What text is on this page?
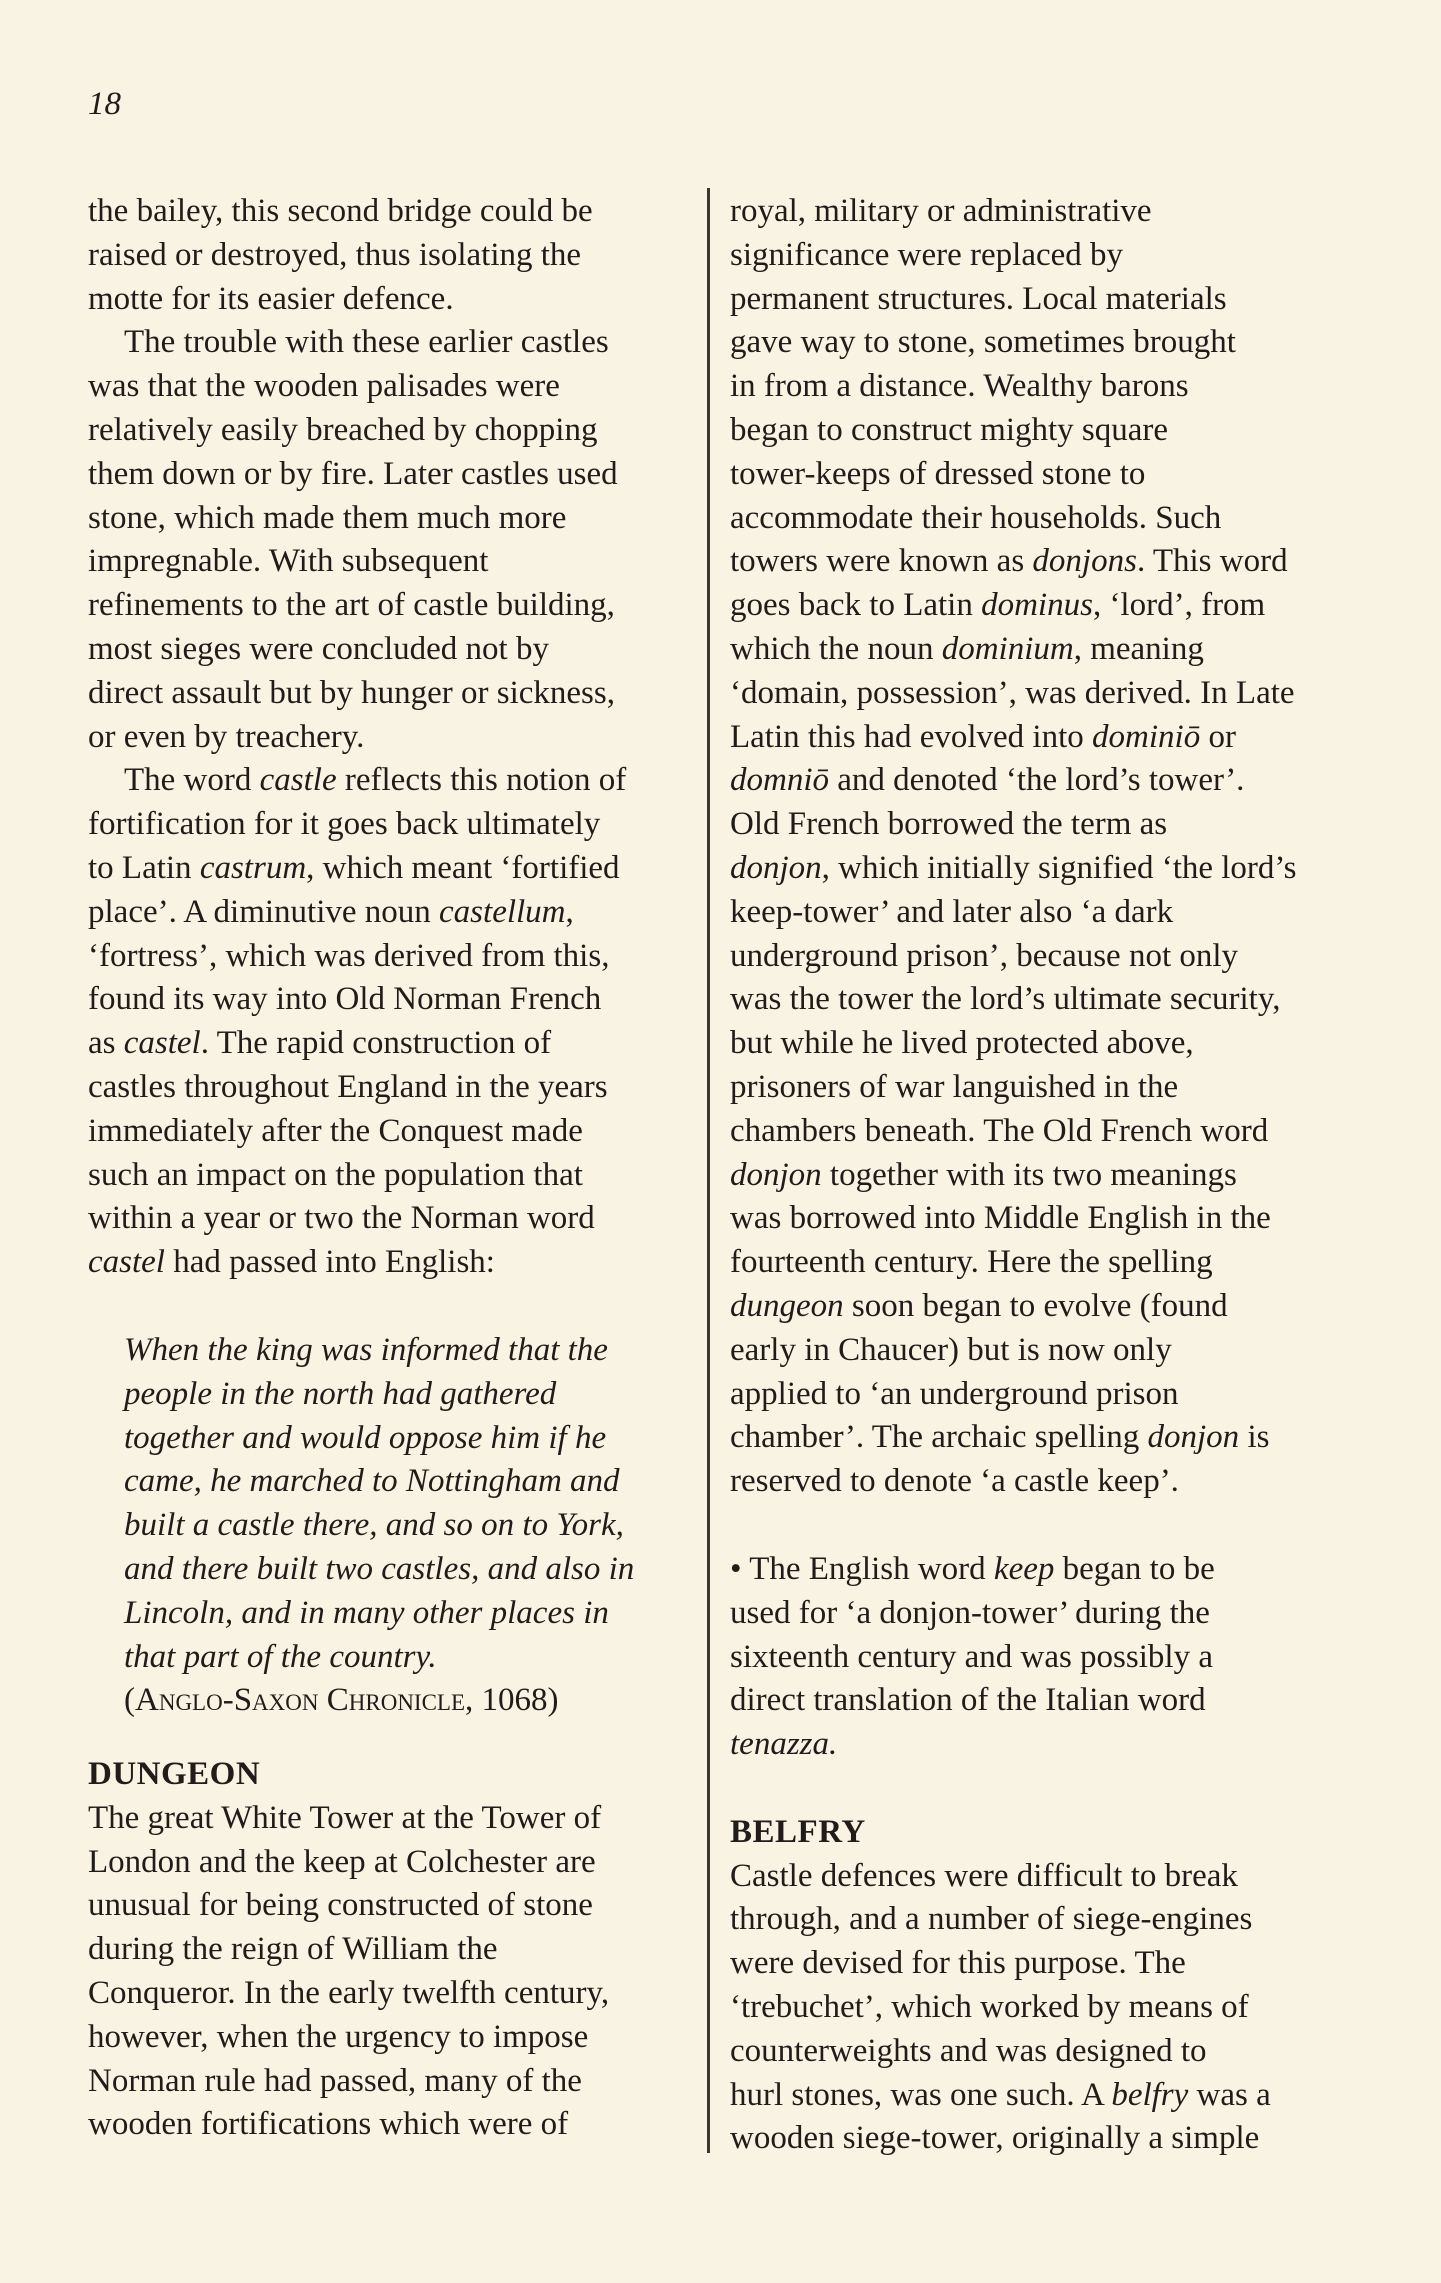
18
the bailey, this second bridge could be
raised or destroyed, thus isolating the
motte for its easier defence.
The trouble with these earlier castles
was that the wooden palisades were
relatively easily breached by chopping
them down or by fire. Later castles used
stone, which made them much more
impregnable. With subsequent
refinements to the art of castle building,
most sieges were concluded not by
direct assault but by hunger or sickness,
or even by treachery.
The word castle reflects this notion of
fortification for it goes back ultimately
to Latin castrum, which meant ‘fortified
place’. A diminutive noun castellum,
‘fortress’, which was derived from this,
found its way into Old Norman French
as castel. The rapid construction of
castles throughout England in the years
immediately after the Conquest made
such an impact on the population that
within a year or two the Norman word
castel had passed into English:
When the king was informed that the
people in the north had gathered
together and would oppose him if he
came, he marched to Nottingham and
built a castle there, and so on to York,
and there built two castles, and also in
Lincoln, and in many other places in
that part of the country.
(Anglo-Saxon Chronicle, 1068)
DUNGEON
The great White Tower at the Tower of
London and the keep at Colchester are
unusual for being constructed of stone
during the reign of William the
Conqueror. In the early twelfth century,
however, when the urgency to impose
Norman rule had passed, many of the
wooden fortifications which were of
royal, military or administrative
significance were replaced by
permanent structures. Local materials
gave way to stone, sometimes brought
in from a distance. Wealthy barons
began to construct mighty square
tower-keeps of dressed stone to
accommodate their households. Such
towers were known as donjons. This word
goes back to Latin dominus, ‘lord’, from
which the noun dominium, meaning
‘domain, possession’, was derived. In Late
Latin this had evolved into dominiō or
domniō and denoted ‘the lord’s tower’.
Old French borrowed the term as
donjon, which initially signified ‘the lord’s
keep-tower’ and later also ‘a dark
underground prison’, because not only
was the tower the lord’s ultimate security,
but while he lived protected above,
prisoners of war languished in the
chambers beneath. The Old French word
donjon together with its two meanings
was borrowed into Middle English in the
fourteenth century. Here the spelling
dungeon soon began to evolve (found
early in Chaucer) but is now only
applied to ‘an underground prison
chamber’. The archaic spelling donjon is
reserved to denote ‘a castle keep’.
• The English word keep began to be
used for ‘a donjon-tower’ during the
sixteenth century and was possibly a
direct translation of the Italian word
tenazza.
BELFRY
Castle defences were difficult to break
through, and a number of siege-engines
were devised for this purpose. The
‘trebuchet’, which worked by means of
counterweights and was designed to
hurl stones, was one such. A belfry was a
wooden siege-tower, originally a simple
